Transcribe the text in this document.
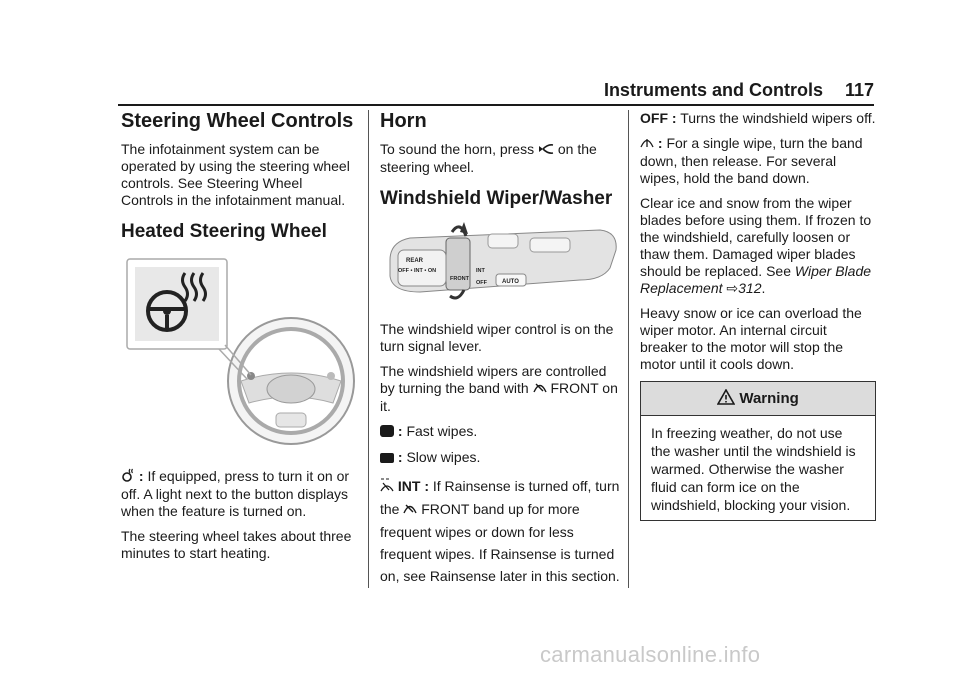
Instruments and Controls 117
Steering Wheel Controls

The infotainment system can be operated by using the steering wheel controls. See Steering Wheel Controls in the infotainment manual.

Heated Steering Wheel

: If equipped, press to turn it on or off. A light next to the button displays when the feature is turned on.

The steering wheel takes about three minutes to start heating.

Horn

To sound the horn, press on the steering wheel.

Windshield Wiper/Washer
REAR
OFF • INT • ON
FRONT
INT
OFF	AUTO

The windshield wiper control is on the turn signal lever.

The windshield wipers are controlled by turning the band with FRONT on it.

: Fast wipes.

: Slow wipes.

INT : If Rainsense is turned off, turn the FRONT band up for more frequent wipes or down for less frequent wipes. If Rainsense is turned on, see Rainsense later in this section.

OFF : Turns the windshield wipers off.

: For a single wipe, turn the band down, then release. For several wipes, hold the band down.

Clear ice and snow from the wiper blades before using them. If frozen to the windshield, carefully loosen or thaw them. Damaged wiper blades should be replaced. See Wiper Blade Replacement ⇨312.

Heavy snow or ice can overload the wiper motor. An internal circuit breaker to the motor will stop the motor until it cools down.

Warning
In freezing weather, do not use the washer until the windshield is warmed. Otherwise the washer fluid can form ice on the windshield, blocking your vision.
carmanualsonline.info
